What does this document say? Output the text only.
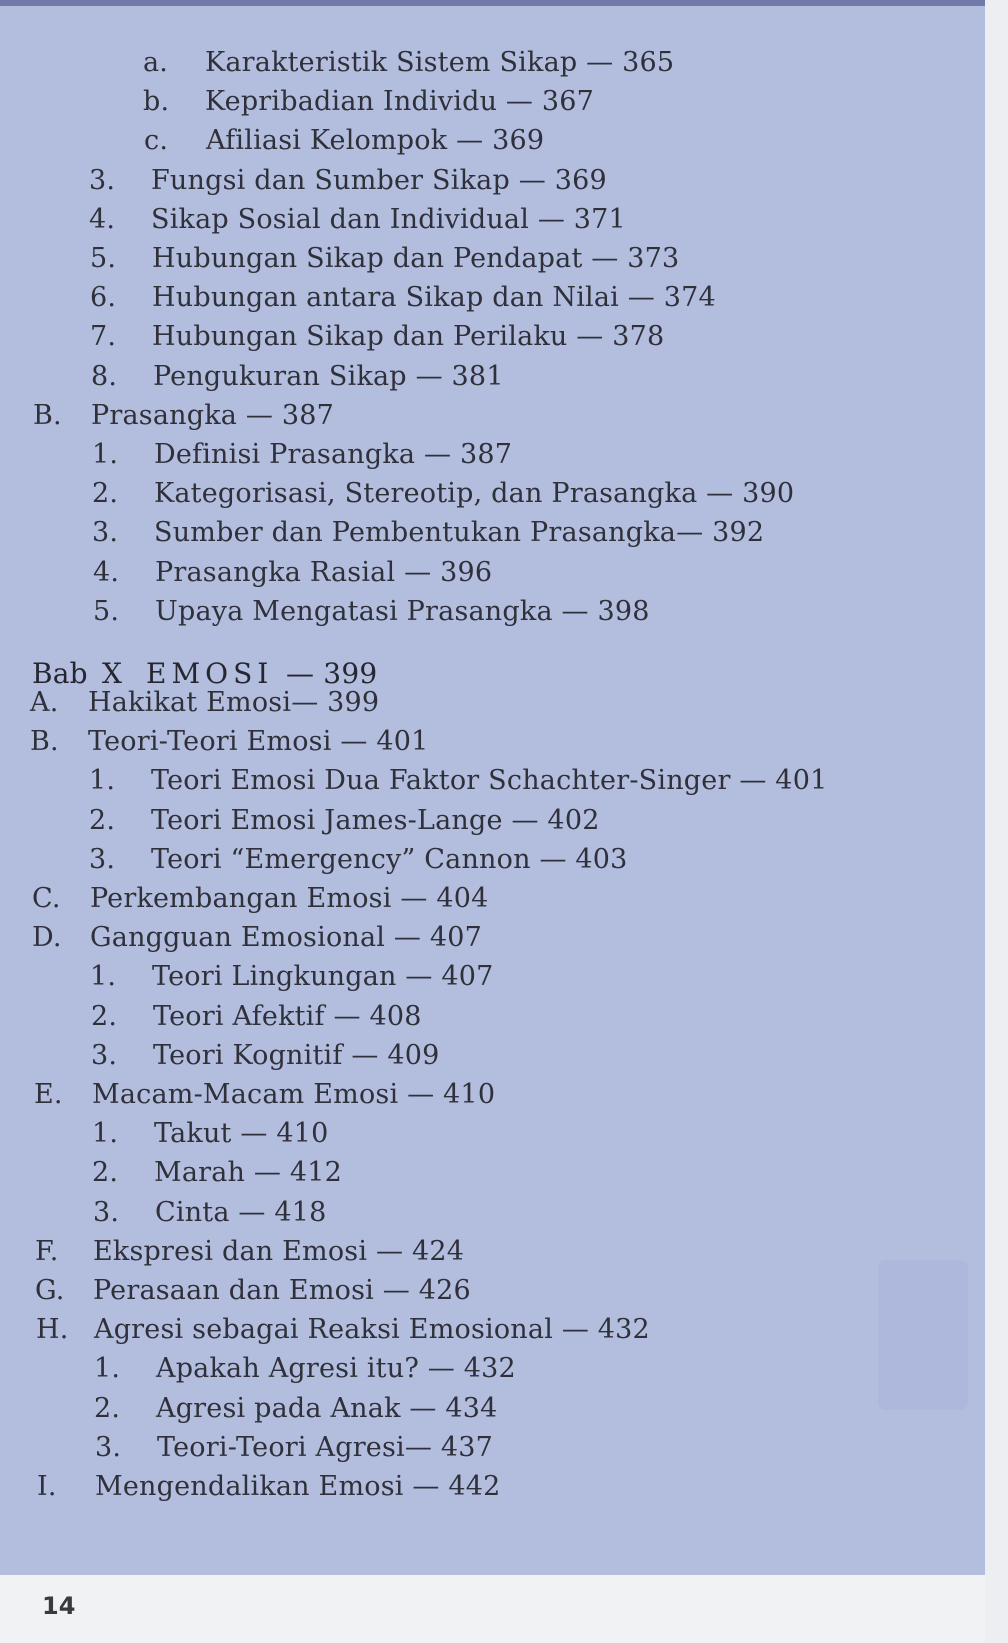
a. Karakteristik Sistem Sikap — 365
b. Kepribadian Individu — 367
c. Afiliasi Kelompok — 369
3. Fungsi dan Sumber Sikap — 369
4. Sikap Sosial dan Individual — 371
5. Hubungan Sikap dan Pendapat — 373
6. Hubungan antara Sikap dan Nilai — 374
7. Hubungan Sikap dan Perilaku — 378
8. Pengukuran Sikap — 381
B. Prasangka — 387
1. Definisi Prasangka — 387
2. Kategorisasi, Stereotip, dan Prasangka — 390
3. Sumber dan Pembentukan Prasangka— 392
4. Prasangka Rasial — 396
5. Upaya Mengatasi Prasangka — 398
Bab X EMOSI — 399
A. Hakikat Emosi— 399
B. Teori-Teori Emosi — 401
1. Teori Emosi Dua Faktor Schachter-Singer — 401
2. Teori Emosi James-Lange — 402
3. Teori “Emergency” Cannon — 403
C. Perkembangan Emosi — 404
D. Gangguan Emosional — 407
1. Teori Lingkungan — 407
2. Teori Afektif — 408
3. Teori Kognitif — 409
E. Macam-Macam Emosi — 410
1. Takut — 410
2. Marah — 412
3. Cinta — 418
F. Ekspresi dan Emosi — 424
G. Perasaan dan Emosi — 426
H. Agresi sebagai Reaksi Emosional — 432
1. Apakah Agresi itu? — 432
2. Agresi pada Anak — 434
3. Teori-Teori Agresi— 437
I. Mengendalikan Emosi — 442
14
